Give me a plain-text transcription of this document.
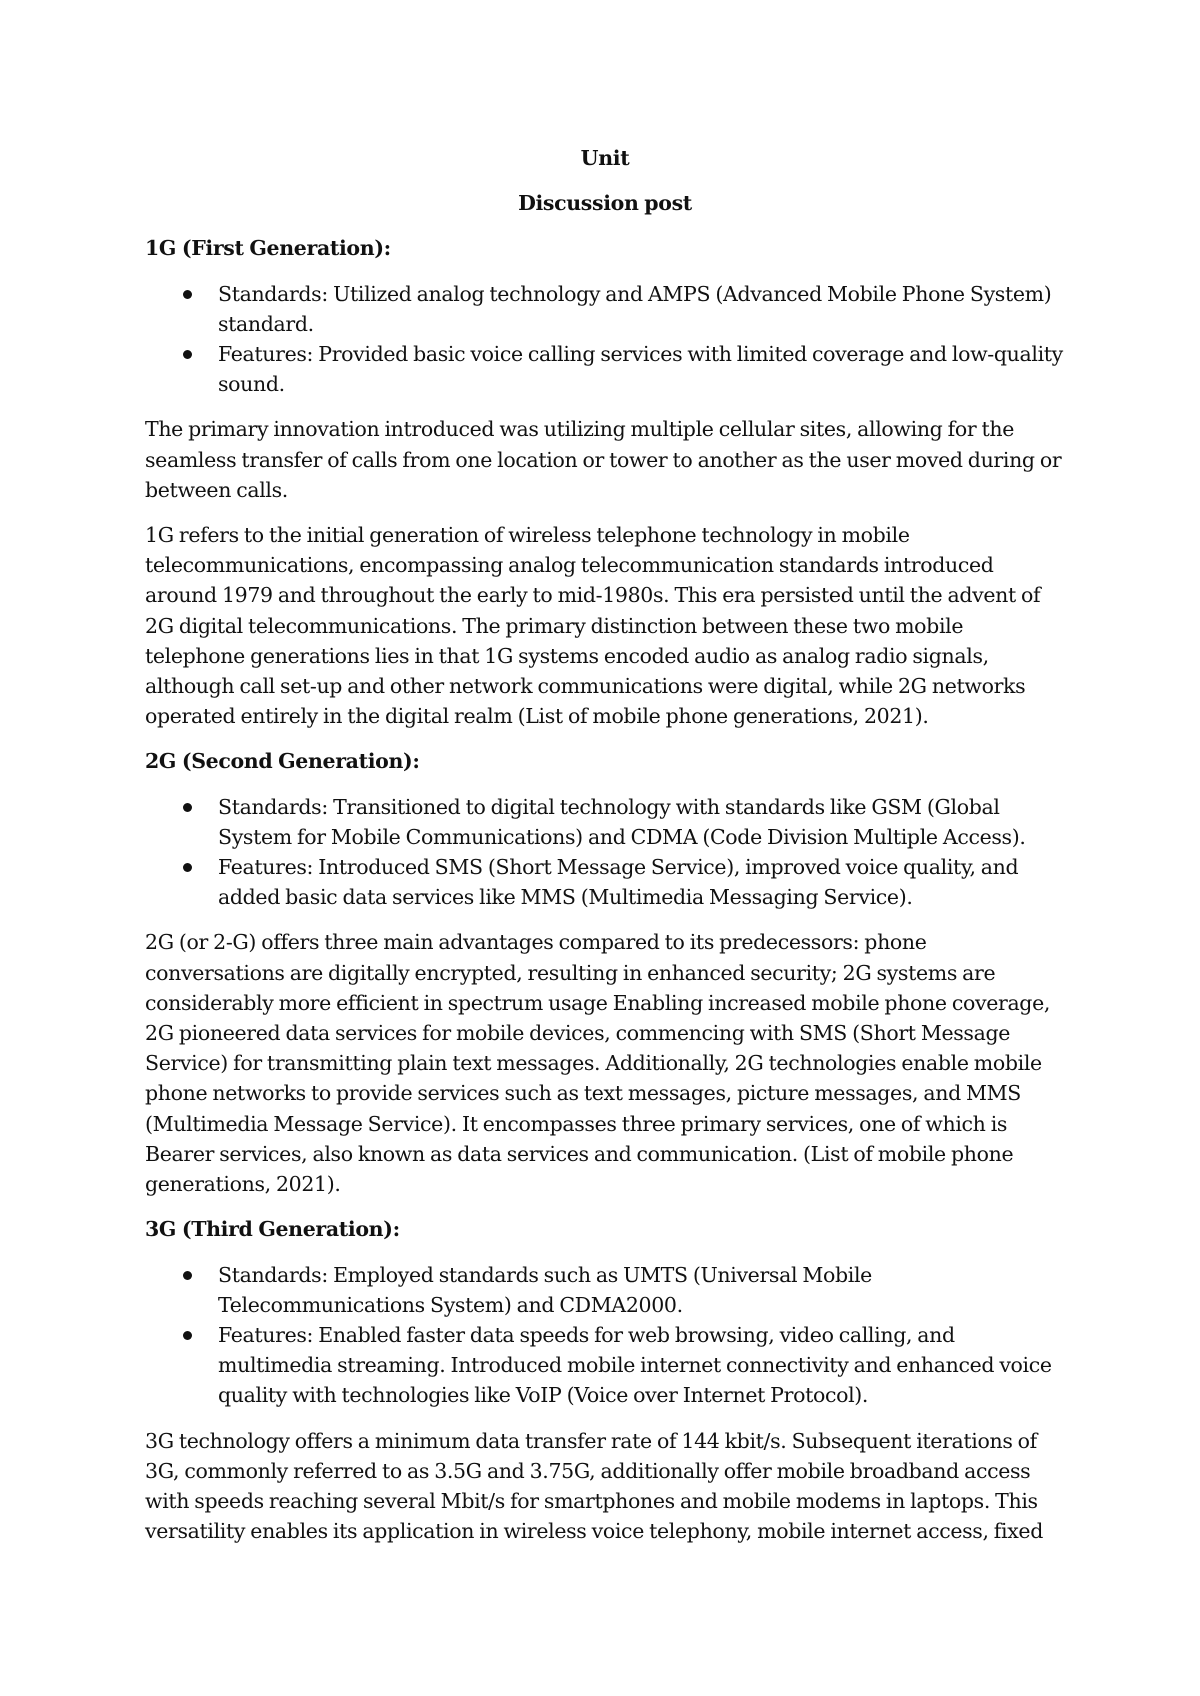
Unit

Discussion post

1G (First Generation):
Standards: Utilized analog technology and AMPS (Advanced Mobile Phone System) standard.
Features: Provided basic voice calling services with limited coverage and low-quality sound.

The primary innovation introduced was utilizing multiple cellular sites, allowing for the seamless transfer of calls from one location or tower to another as the user moved during or between calls.

1G refers to the initial generation of wireless telephone technology in mobile telecommunications, encompassing analog telecommunication standards introduced around 1979 and throughout the early to mid-1980s. This era persisted until the advent of 2G digital telecommunications. The primary distinction between these two mobile telephone generations lies in that 1G systems encoded audio as analog radio signals, although call set-up and other network communications were digital, while 2G networks operated entirely in the digital realm (List of mobile phone generations, 2021).

2G (Second Generation):
Standards: Transitioned to digital technology with standards like GSM (Global System for Mobile Communications) and CDMA (Code Division Multiple Access).
Features: Introduced SMS (Short Message Service), improved voice quality, and added basic data services like MMS (Multimedia Messaging Service).

2G (or 2-G) offers three main advantages compared to its predecessors: phone conversations are digitally encrypted, resulting in enhanced security; 2G systems are considerably more efficient in spectrum usage Enabling increased mobile phone coverage, 2G pioneered data services for mobile devices, commencing with SMS (Short Message Service) for transmitting plain text messages. Additionally, 2G technologies enable mobile phone networks to provide services such as text messages, picture messages, and MMS (Multimedia Message Service). It encompasses three primary services, one of which is Bearer services, also known as data services and communication. (List of mobile phone generations, 2021).

3G (Third Generation):
Standards: Employed standards such as UMTS (Universal Mobile Telecommunications System) and CDMA2000.
Features: Enabled faster data speeds for web browsing, video calling, and multimedia streaming. Introduced mobile internet connectivity and enhanced voice quality with technologies like VoIP (Voice over Internet Protocol).

3G technology offers a minimum data transfer rate of 144 kbit/s. Subsequent iterations of 3G, commonly referred to as 3.5G and 3.75G, additionally offer mobile broadband access with speeds reaching several Mbit/s for smartphones and mobile modems in laptops. This versatility enables its application in wireless voice telephony, mobile internet access, fixed
